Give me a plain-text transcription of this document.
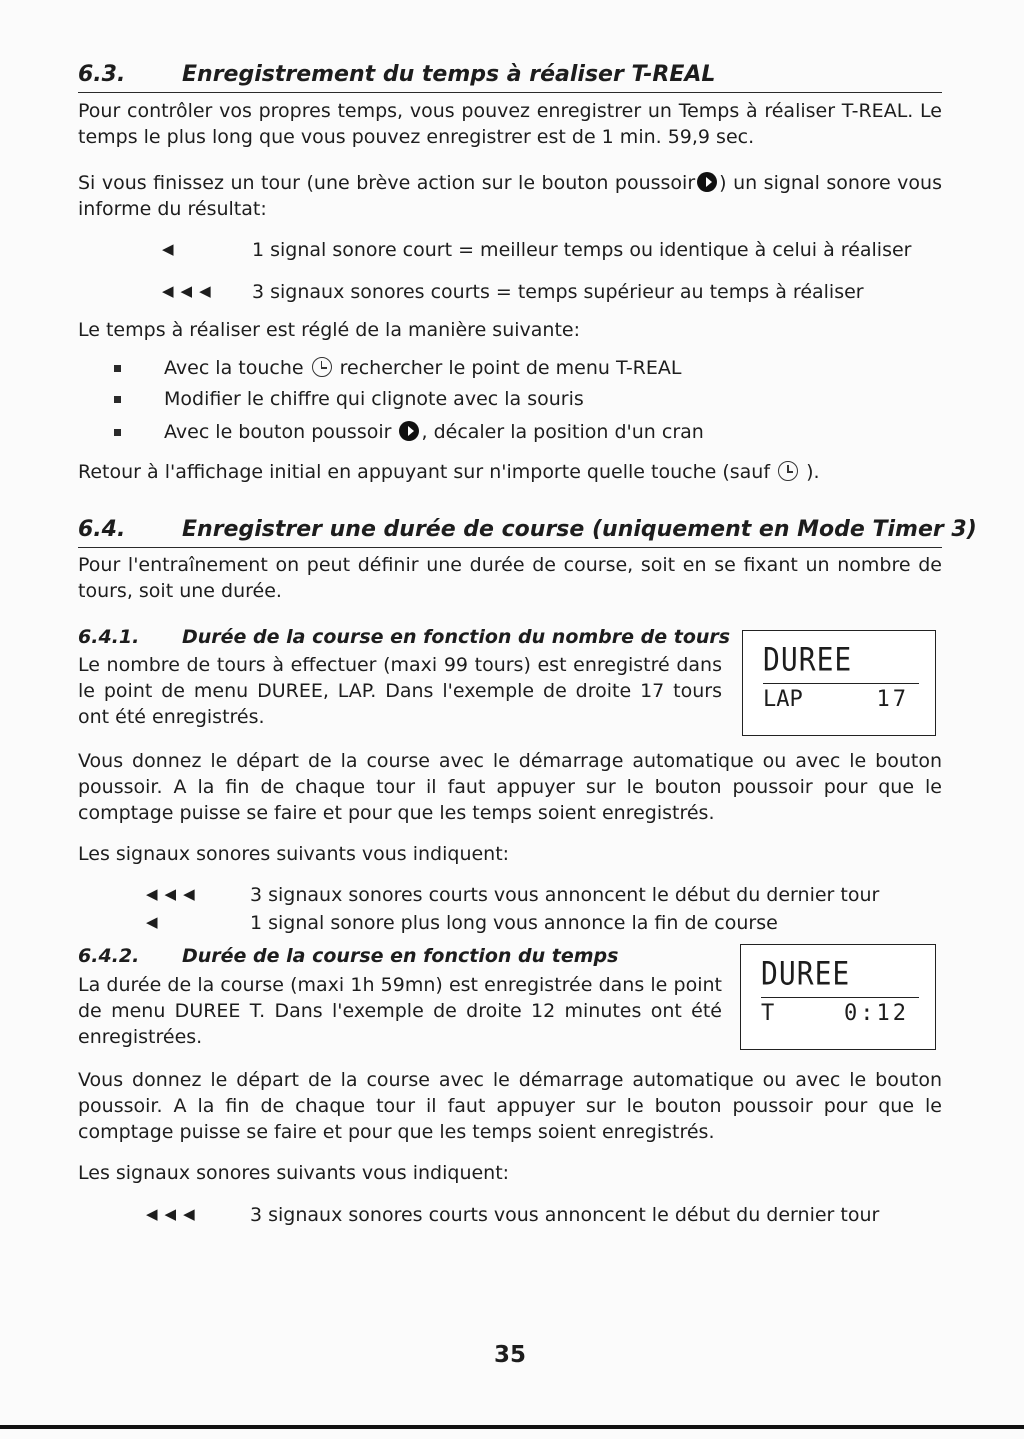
6.3.	Enregistrement du temps à réaliser T-REAL
Pour contrôler vos propres temps, vous pouvez enregistrer un Temps à réaliser T-REAL. Le temps le plus long que vous pouvez enregistrer est de 1 min. 59,9 sec.
Si vous finissez un tour (une brève action sur le bouton poussoir ) un signal sonore vous informe du résultat:
◀	1 signal sonore court = meilleur temps ou identique à celui à réaliser
◀◀◀ 3 signaux sonores courts = temps supérieur au temps à réaliser
Le temps à réaliser est réglé de la manière suivante:
Avec la touche rechercher le point de menu T-REAL
Modifier le chiffre qui clignote avec la souris
Avec le bouton poussoir , décaler la position d'un cran
Retour à l'affichage initial en appuyant sur n'importe quelle touche (sauf ).
6.4.	Enregistrer une durée de course (uniquement en Mode Timer 3)
Pour l'entraînement on peut définir une durée de course, soit en se fixant un nombre de tours, soit une durée.
6.4.1. Durée de la course en fonction du nombre de tours
Le nombre de tours à effectuer (maxi 99 tours) est enregistré dans le point de menu DUREE, LAP. Dans l'exemple de droite 17 tours ont été enregistrés.
DUREE
LAP	17
Vous donnez le départ de la course avec le démarrage automatique ou avec le bouton poussoir. A la fin de chaque tour il faut appuyer sur le bouton poussoir pour que le comptage puisse se faire et pour que les temps soient enregistrés.
Les signaux sonores suivants vous indiquent:
◀◀◀	3 signaux sonores courts vous annoncent le début du dernier tour
◀	1 signal sonore plus long vous annonce la fin de course
6.4.2. Durée de la course en fonction du temps
La durée de la course (maxi 1h 59mn) est enregistrée dans le point de menu DUREE T. Dans l'exemple de droite 12 minutes ont été enregistrées.
DUREE
T	0:12
Vous donnez le départ de la course avec le démarrage automatique ou avec le bouton poussoir. A la fin de chaque tour il faut appuyer sur le bouton poussoir pour que le comptage puisse se faire et pour que les temps soient enregistrés.
Les signaux sonores suivants vous indiquent:
◀◀◀	3 signaux sonores courts vous annoncent le début du dernier tour
35
